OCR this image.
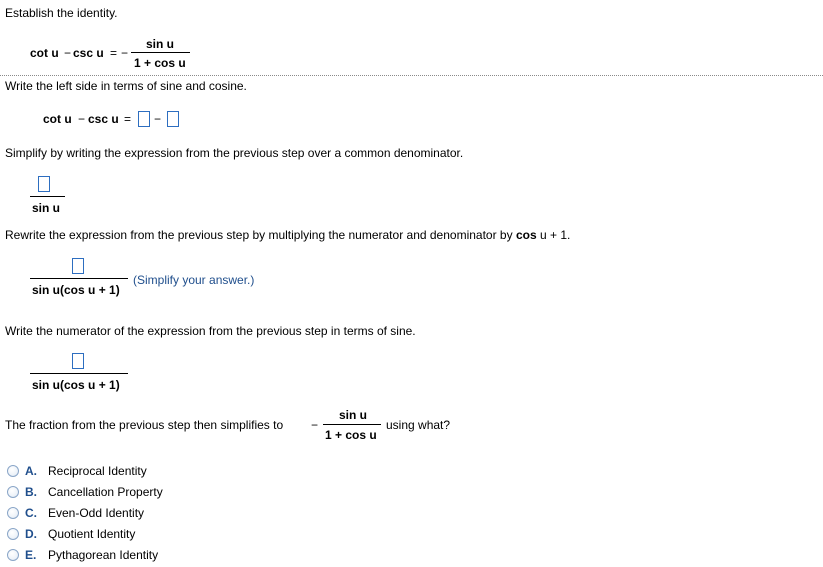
Establish the identity.
cot u − csc u = −
sin u
1 + cos u
Write the left side in terms of sine and cosine.
cot u − csc u = −
Simplify by writing the expression from the previous step over a common denominator.
sin u
Rewrite the expression from the previous step by multiplying the numerator and denominator by cos u + 1.
sin u(cos u + 1)
(Simplify your answer.)
Write the numerator of the expression from the previous step in terms of sine.
sin u(cos u + 1)
The fraction from the previous step then simplifies to −
sin u
1 + cos u
using what?
A. Reciprocal Identity
B. Cancellation Property
C. Even-Odd Identity
D. Quotient Identity
E. Pythagorean Identity
